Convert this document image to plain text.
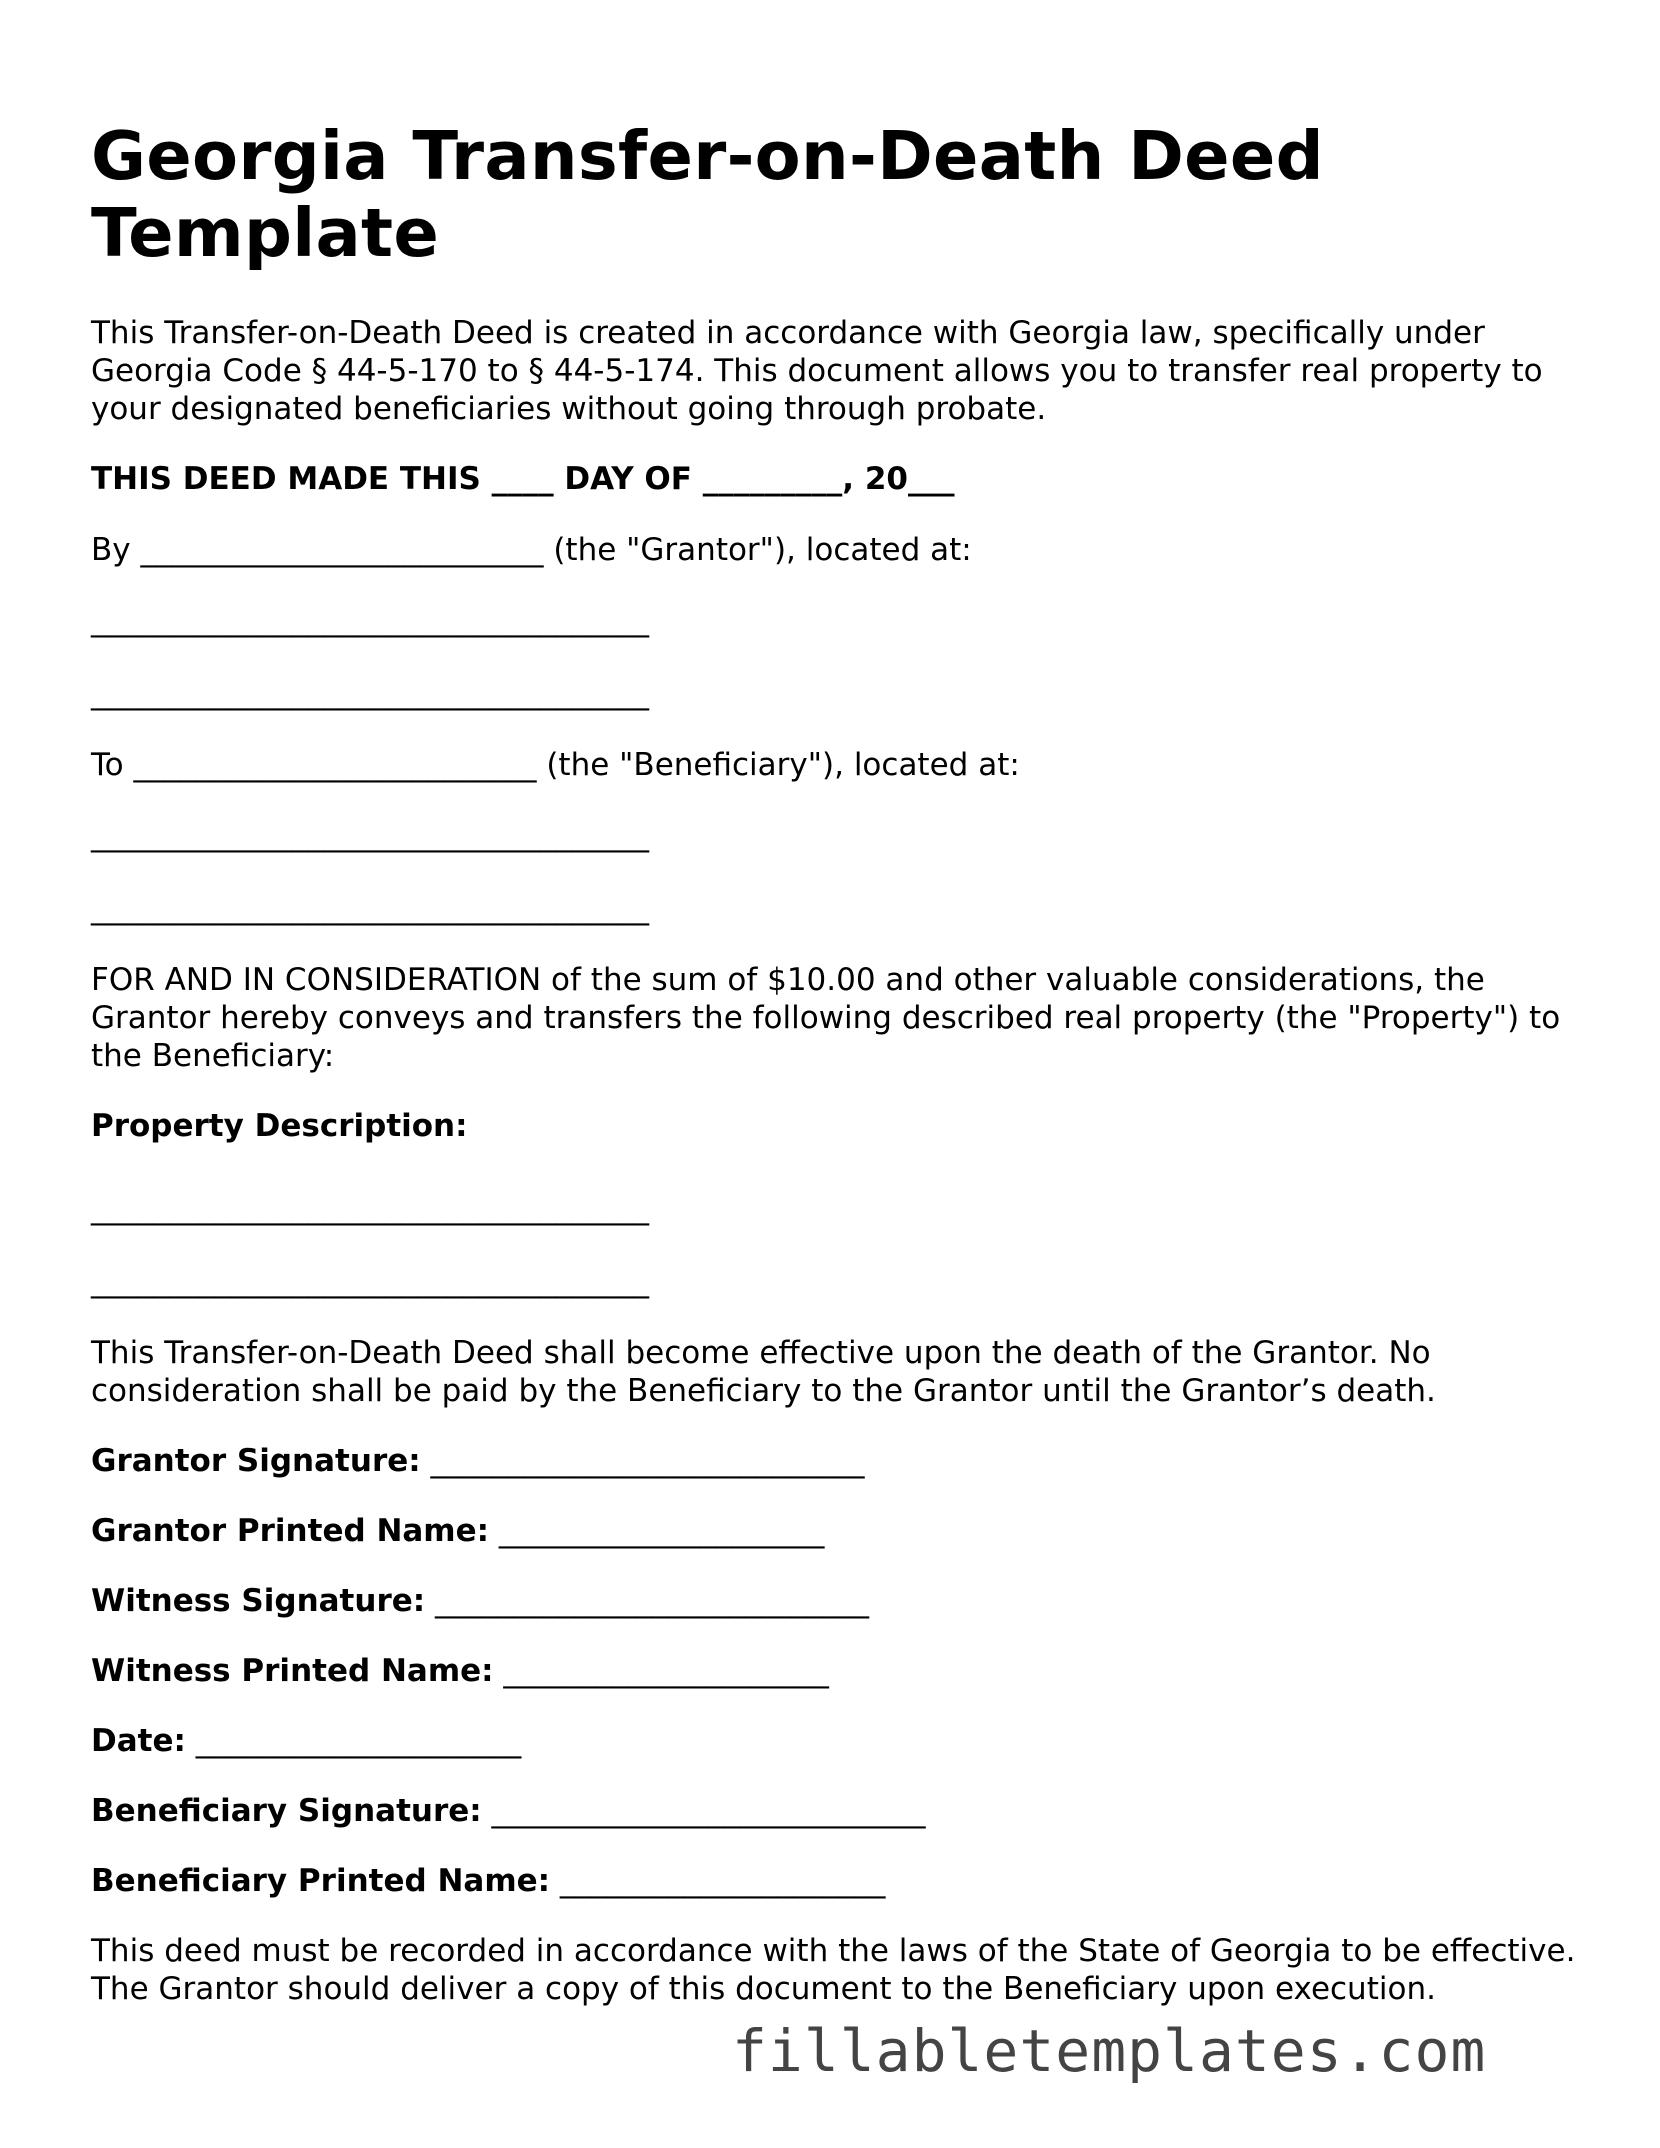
Georgia Transfer-on-Death Deed Template

This Transfer-on-Death Deed is created in accordance with Georgia law, specifically under Georgia Code § 44-5-170 to § 44-5-174. This document allows you to transfer real property to your designated beneficiaries without going through probate.

THIS DEED MADE THIS ____ DAY OF _________, 20___

By __________________________ (the "Grantor"), located at:

____________________________________
____________________________________

To __________________________ (the "Beneficiary"), located at:

____________________________________
____________________________________

FOR AND IN CONSIDERATION of the sum of $10.00 and other valuable considerations, the Grantor hereby conveys and transfers the following described real property (the "Property") to the Beneficiary:

Property Description:

____________________________________
____________________________________

This Transfer-on-Death Deed shall become effective upon the death of the Grantor. No consideration shall be paid by the Beneficiary to the Grantor until the Grantor’s death.

Grantor Signature: ____________________________

Grantor Printed Name: _____________________

Witness Signature: ____________________________

Witness Printed Name: _____________________

Date: _____________________

Beneficiary Signature: ____________________________

Beneficiary Printed Name: _____________________

This deed must be recorded in accordance with the laws of the State of Georgia to be effective. The Grantor should deliver a copy of this document to the Beneficiary upon execution.

fillabletemplates.com
